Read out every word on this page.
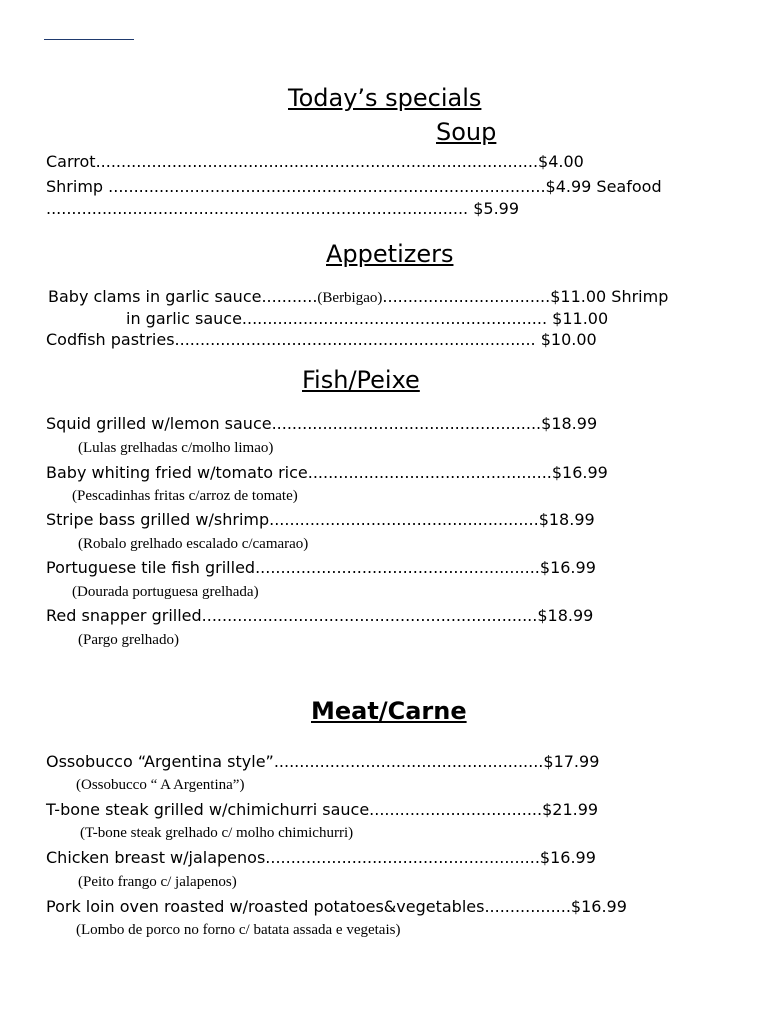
Today’s specials
Soup
Carrot.......................................................................................$4.00
Shrimp ......................................................................................$4.99 Seafood
................................................................................... $5.99
Appetizers
Baby clams in garlic sauce...........(Berbigao).................................$11.00 Shrimp
in garlic sauce............................................................ $11.00
Codfish pastries....................................................................... $10.00
Fish/Peixe
Squid grilled w/lemon sauce.....................................................$18.99
(Lulas grelhadas c/molho limao)
Baby whiting fried w/tomato rice................................................$16.99
(Pescadinhas fritas c/arroz de tomate)
Stripe bass grilled w/shrimp.....................................................$18.99
(Robalo grelhado escalado c/camarao)
Portuguese tile fish grilled........................................................$16.99
(Dourada portuguesa grelhada)
Red snapper grilled..................................................................$18.99
(Pargo grelhado)
Meat/Carne
Ossobucco “Argentina style”.....................................................$17.99
(Ossobucco “ A Argentina”)
T-bone steak grilled w/chimichurri sauce..................................$21.99
(T-bone steak grelhado c/ molho chimichurri)
Chicken breast w/jalapenos......................................................$16.99
(Peito frango c/ jalapenos)
Pork loin oven roasted w/roasted potatoes&vegetables.................$16.99
(Lombo de porco no forno c/ batata assada e vegetais)
